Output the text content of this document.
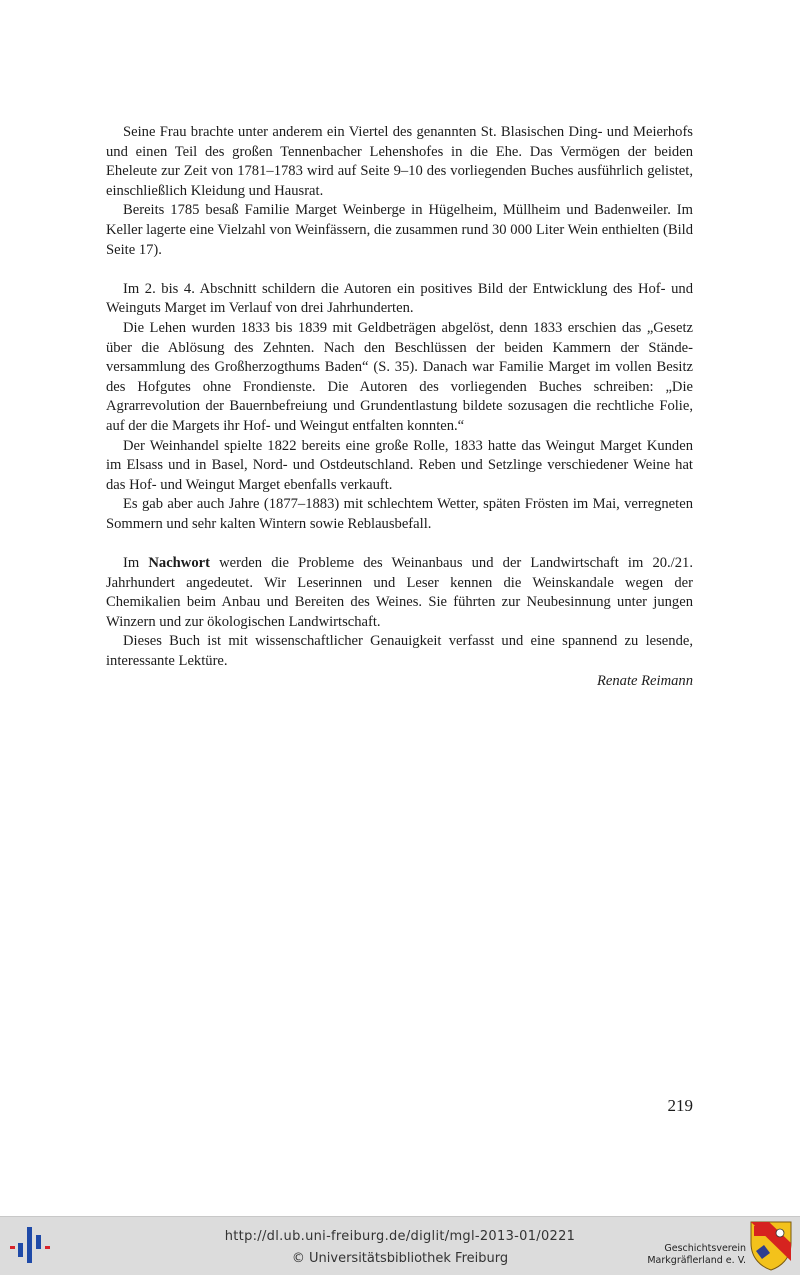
Seine Frau brachte unter anderem ein Viertel des genannten St. Blasischen Ding- und Meierhofs und einen Teil des großen Tennenbacher Lehenshofes in die Ehe. Das Vermögen der beiden Eheleute zur Zeit von 1781–1783 wird auf Seite 9–10 des vorliegenden Buches ausführlich gelistet, einschließlich Kleidung und Hausrat.

Bereits 1785 besaß Familie Marget Weinberge in Hügelheim, Müllheim und Badenweiler. Im Keller lagerte eine Vielzahl von Weinfässern, die zusammen rund 30 000 Liter Wein enthielten (Bild Seite 17).

Im 2. bis 4. Abschnitt schildern die Autoren ein positives Bild der Entwicklung des Hof- und Weinguts Marget im Verlauf von drei Jahrhunderten.

Die Lehen wurden 1833 bis 1839 mit Geldbeträgen abgelöst, denn 1833 erschien das „Gesetz über die Ablösung des Zehnten. Nach den Beschlüssen der beiden Kammern der Ständeversammlung des Großherzogthums Baden“ (S. 35). Danach war Familie Marget im vollen Besitz des Hofgutes ohne Frondienste. Die Autoren des vorliegenden Buches schreiben: „Die Agrarrevolution der Bauernbefreiung und Grundentlastung bildete sozusagen die rechtliche Folie, auf der die Margets ihr Hof- und Weingut entfalten konnten.“

Der Weinhandel spielte 1822 bereits eine große Rolle, 1833 hatte das Weingut Marget Kunden im Elsass und in Basel, Nord- und Ostdeutschland. Reben und Setzlinge verschiedener Weine hat das Hof- und Weingut Marget ebenfalls verkauft.

Es gab aber auch Jahre (1877–1883) mit schlechtem Wetter, späten Frösten im Mai, verregneten Sommern und sehr kalten Wintern sowie Reblausbefall.

Im Nachwort werden die Probleme des Weinanbaus und der Landwirtschaft im 20./21. Jahrhundert angedeutet. Wir Leserinnen und Leser kennen die Weinskandale wegen der Chemikalien beim Anbau und Bereiten des Weines. Sie führten zur Neubesinnung unter jungen Winzern und zur ökologischen Landwirtschaft.

Dieses Buch ist mit wissenschaftlicher Genauigkeit verfasst und eine spannend zu lesende, interessante Lektüre.

Renate Reimann

219
http://dl.ub.uni-freiburg.de/diglit/mgl-2013-01/0221
© Universitätsbibliothek Freiburg
Geschichtsverein
Markgräflerland e. V.
